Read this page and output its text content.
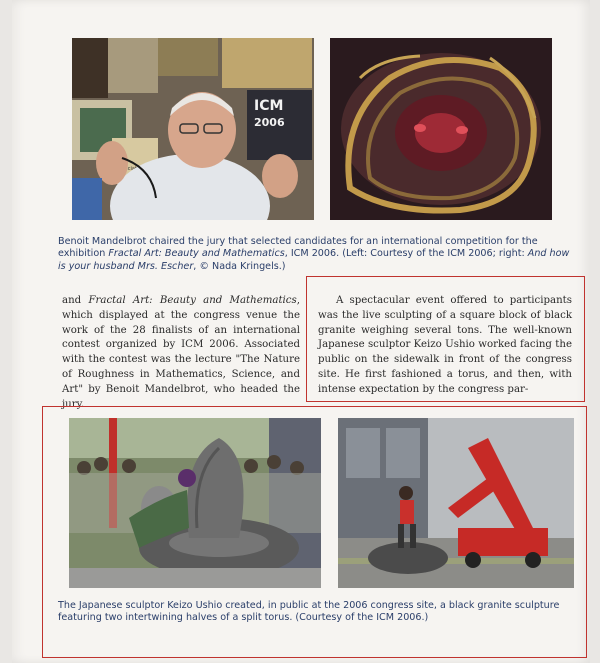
ICM
2006
Benoit Mandelbrot chaired the jury that selected candidates for an international competition for the exhibition Fractal Art: Beauty and Mathematics, ICM 2006. (Left: Courtesy of the ICM 2006; right: And how is your husband Mrs. Escher, © Nada Kringels.)
and Fractal Art: Beauty and Mathematics, which displayed at the congress venue the work of the 28 finalists of an international contest organized by ICM 2006. Associated with the contest was the lecture "The Nature of Roughness in Mathematics, Science, and Art" by Benoit Mandelbrot, who headed the jury.
A spectacular event offered to participants was the live sculpting of a square block of black granite weighing several tons. The well-known Japanese sculptor Keizo Ushio worked facing the public on the sidewalk in front of the congress site. He first fashioned a torus, and then, with intense expectation by the congress par-
The Japanese sculptor Keizo Ushio created, in public at the 2006 congress site, a black granite sculpture featuring two intertwining halves of a split torus. (Courtesy of the ICM 2006.)
